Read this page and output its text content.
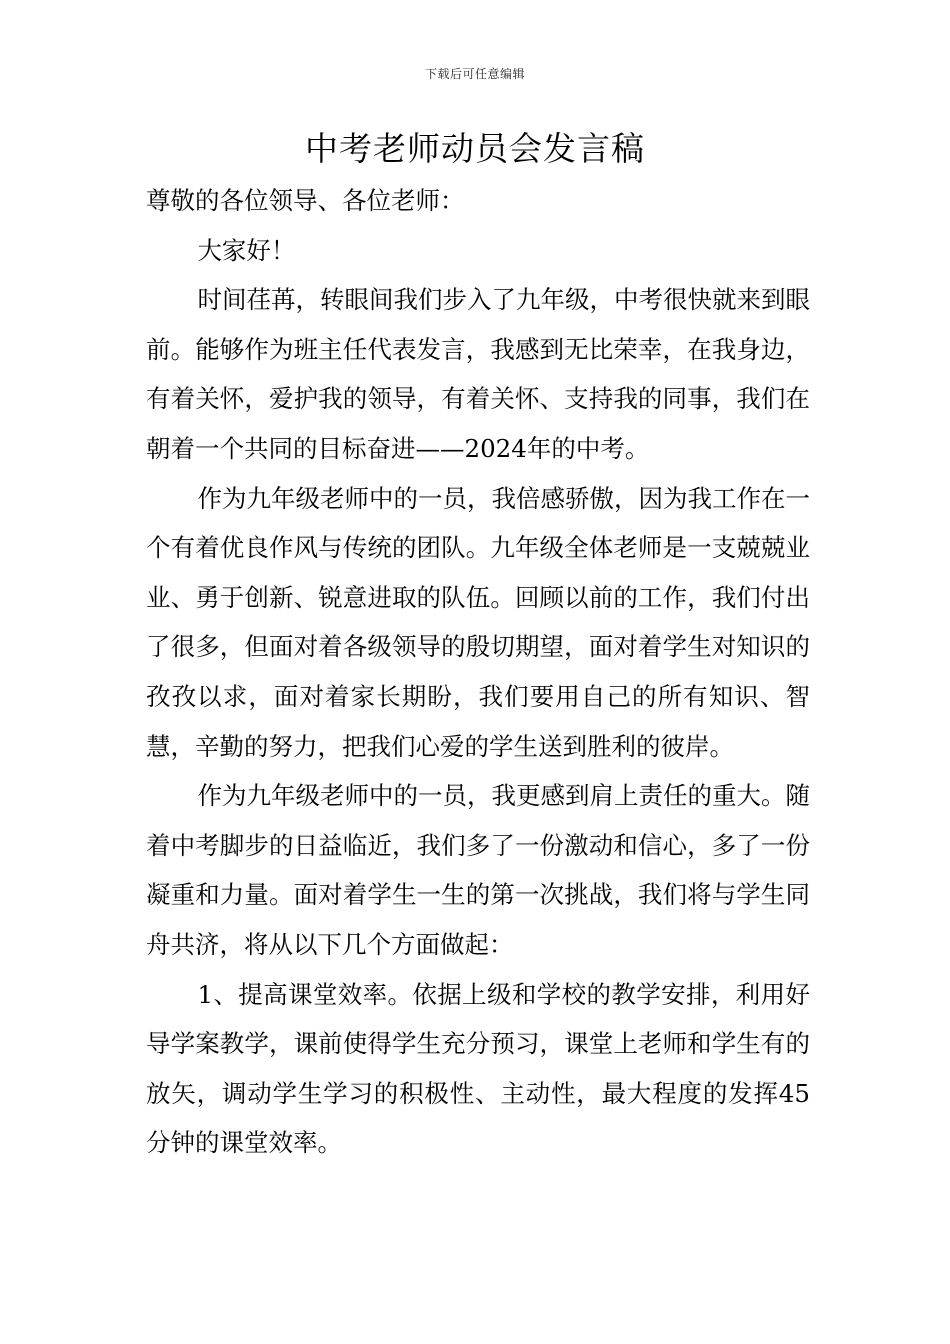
下载后可任意编辑
中考老师动员会发言稿

尊敬的各位领导、各位老师：

大家好！

时间荏苒，转眼间我们步入了九年级，中考很快就来到眼前。能够作为班主任代表发言，我感到无比荣幸，在我身边，有着关怀，爱护我的领导，有着关怀、支持我的同事，我们在朝着一个共同的目标奋进——2024年的中考。

作为九年级老师中的一员，我倍感骄傲，因为我工作在一个有着优良作风与传统的团队。九年级全体老师是一支兢兢业业、勇于创新、锐意进取的队伍。回顾以前的工作，我们付出了很多，但面对着各级领导的殷切期望，面对着学生对知识的孜孜以求，面对着家长期盼，我们要用自己的所有知识、智慧，辛勤的努力，把我们心爱的学生送到胜利的彼岸。

作为九年级老师中的一员，我更感到肩上责任的重大。随着中考脚步的日益临近，我们多了一份激动和信心，多了一份凝重和力量。面对着学生一生的第一次挑战，我们将与学生同舟共济，将从以下几个方面做起：

1、提高课堂效率。依据上级和学校的教学安排，利用好导学案教学，课前使得学生充分预习，课堂上老师和学生有的放矢，调动学生学习的积极性、主动性，最大程度的发挥45分钟的课堂效率。
